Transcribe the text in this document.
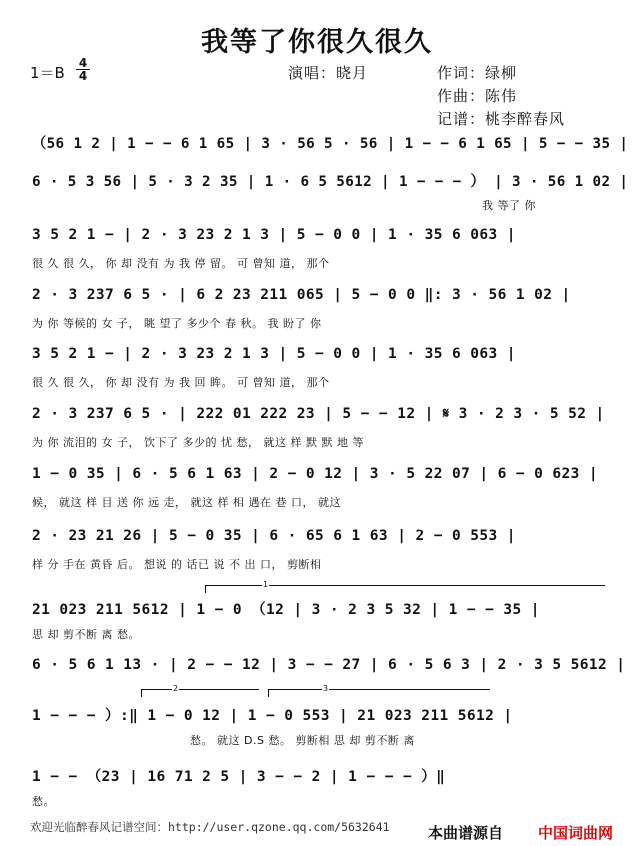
我等了你很久很久
1＝B
4
4	演唱：晓月	作词：绿柳
作曲：陈伟
记谱：桃李醉春风
（56 1 2 | 1 − − 6 1 65 | 3 · 56 5 · 56 | 1 − − 6 1 65 | 5 − − 35 |
6 · 5 3 56 | 5 · 3 2 35 | 1 · 6 5 5612 | 1 − − − ） | 3 · 56 1 02 |
我 等了 你
3 5 2 1 − | 2 · 3 23 2 1 3 | 5 − 0 0 | 1 · 35 6 063 |
很 久 很 久， 你 却 没有 为 我 停 留。 可 曾知 道， 那个
2 · 3 237 6 5 · | 6 2 23 211 065 | 5 − 0 0 ‖: 3 · 56 1 02 |
为 你 等候的 女 子， 眺 望了 多少个 春 秋。 我 盼了 你
3 5 2 1 − | 2 · 3 23 2 1 3 | 5 − 0 0 | 1 · 35 6 063 |
很 久 很 久， 你 却 没有 为 我 回 眸。 可 曾知 道， 那个
2 · 3 237 6 5 · | 222 01 222 23 | 5 − − 12 | 𝄋 3 · 2 3 · 5 52 |
为 你 流泪的 女 子， 饮下了 多少的 忧 愁， 就这 样 默 默 地 等
1 − 0 35 | 6 · 5 6 1 63 | 2 − 0 12 | 3 · 5 22 07 | 6 − 0 623 |
候， 就这 样 目 送 你 远 走， 就这 样 相 遇在 巷 口， 就这
2 · 23 21 26 | 5 − 0 35 | 6 · 65 6 1 63 | 2 − 0 553 |
样 分 手在 黄昏 后。 想说 的 话已 说 不 出 口， 剪断相
1
21 023 211 5612 | 1 − 0 （12 | 3 · 2 3 5 32 | 1 − − 35 |
思 却 剪不断 离 愁。
6 · 5 6 1 13 · | 2 − − 12 | 3 − − 27 | 6 · 5 6 3 | 2 · 3 5 5612 |
2	3
1 − − − ）:‖ 1 − 0 12 | 1 − 0 553 | 21 023 211 5612 |
愁。 就这 D.S 愁。 剪断相 思 却 剪不断 离
1 − − （23 | 16 71 2 5 | 3 − − 2 | 1 − − − ）‖
愁。
欢迎光临醉春风记谱空间：http://user.qzone.qq.com/5632641	本曲谱源自 中国词曲网
